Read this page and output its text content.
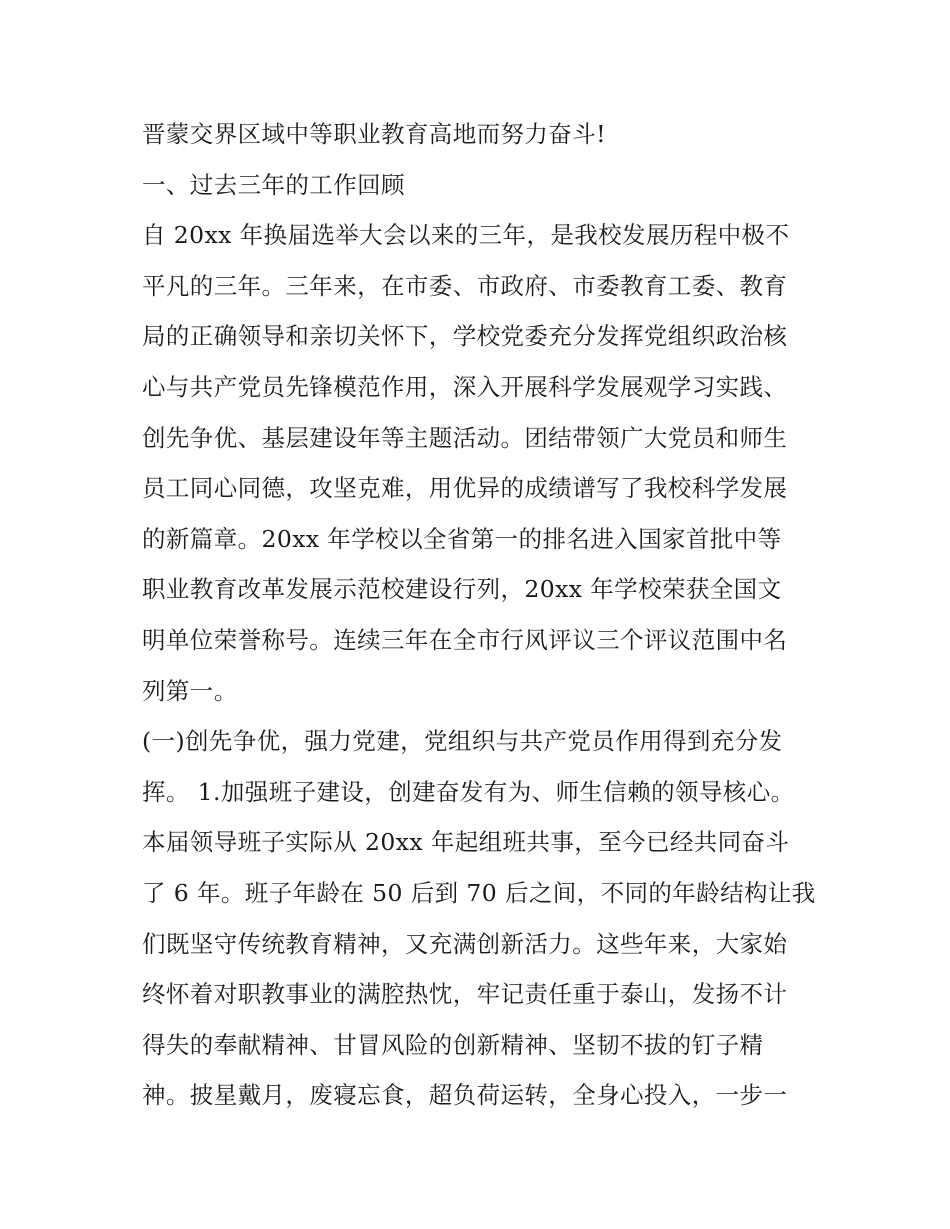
晋蒙交界区域中等职业教育高地而努力奋斗!
一、过去三年的工作回顾
自 20xx 年换届选举大会以来的三年，是我校发展历程中极不
平凡的三年。三年来，在市委、市政府、市委教育工委、教育
局的正确领导和亲切关怀下，学校党委充分发挥党组织政治核
心与共产党员先锋模范作用，深入开展科学发展观学习实践、
创先争优、基层建设年等主题活动。团结带领广大党员和师生
员工同心同德，攻坚克难，用优异的成绩谱写了我校科学发展
的新篇章。20xx 年学校以全省第一的排名进入国家首批中等
职业教育改革发展示范校建设行列，20xx 年学校荣获全国文
明单位荣誉称号。连续三年在全市行风评议三个评议范围中名
列第一。
(一)创先争优，强力党建，党组织与共产党员作用得到充分发
挥。 1.加强班子建设，创建奋发有为、师生信赖的领导核心。
本届领导班子实际从 20xx 年起组班共事，至今已经共同奋斗
了 6 年。班子年龄在 50 后到 70 后之间，不同的年龄结构让我
们既坚守传统教育精神，又充满创新活力。这些年来，大家始
终怀着对职教事业的满腔热忱，牢记责任重于泰山，发扬不计
得失的奉献精神、甘冒风险的创新精神、坚韧不拔的钉子精
神。披星戴月，废寝忘食，超负荷运转，全身心投入，一步一
